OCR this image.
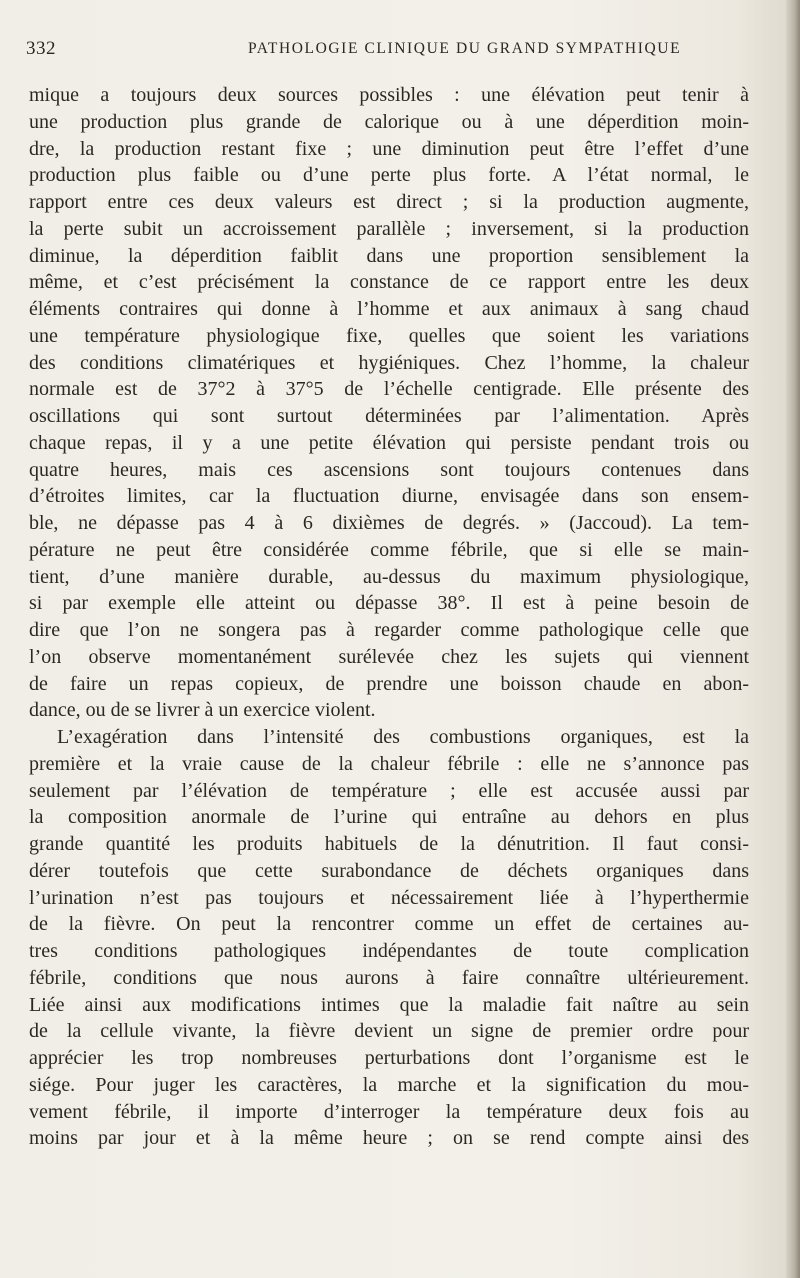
332	PATHOLOGIE CLINIQUE DU GRAND SYMPATHIQUE
mique a toujours deux sources possibles : une élévation peut tenir à
une production plus grande de calorique ou à une déperdition moin-
dre, la production restant fixe ; une diminution peut être l’effet d’une
production plus faible ou d’une perte plus forte. A l’état normal, le
rapport entre ces deux valeurs est direct ; si la production augmente,
la perte subit un accroissement parallèle ; inversement, si la production
diminue, la déperdition faiblit dans une proportion sensiblement la
même, et c’est précisément la constance de ce rapport entre les deux
éléments contraires qui donne à l’homme et aux animaux à sang chaud
une température physiologique fixe, quelles que soient les variations
des conditions climatériques et hygiéniques. Chez l’homme, la chaleur
normale est de 37°2 à 37°5 de l’échelle centigrade. Elle présente des
oscillations qui sont surtout déterminées par l’alimentation. Après
chaque repas, il y a une petite élévation qui persiste pendant trois ou
quatre heures, mais ces ascensions sont toujours contenues dans
d’étroites limites, car la fluctuation diurne, envisagée dans son ensem-
ble, ne dépasse pas 4 à 6 dixièmes de degrés. » (Jaccoud). La tem-
pérature ne peut être considérée comme fébrile, que si elle se main-
tient, d’une manière durable, au-dessus du maximum physiologique,
si par exemple elle atteint ou dépasse 38°. Il est à peine besoin de
dire que l’on ne songera pas à regarder comme pathologique celle que
l’on observe momentanément surélevée chez les sujets qui viennent
de faire un repas copieux, de prendre une boisson chaude en abon-
dance, ou de se livrer à un exercice violent.
L’exagération dans l’intensité des combustions organiques, est la
première et la vraie cause de la chaleur fébrile : elle ne s’annonce pas
seulement par l’élévation de température ; elle est accusée aussi par
la composition anormale de l’urine qui entraîne au dehors en plus
grande quantité les produits habituels de la dénutrition. Il faut consi-
dérer toutefois que cette surabondance de déchets organiques dans
l’urination n’est pas toujours et nécessairement liée à l’hyperthermie
de la fièvre. On peut la rencontrer comme un effet de certaines au-
tres conditions pathologiques indépendantes de toute complication
fébrile, conditions que nous aurons à faire connaître ultérieurement.
Liée ainsi aux modifications intimes que la maladie fait naître au sein
de la cellule vivante, la fièvre devient un signe de premier ordre pour
apprécier les trop nombreuses perturbations dont l’organisme est le
siége. Pour juger les caractères, la marche et la signification du mou-
vement fébrile, il importe d’interroger la température deux fois au
moins par jour et à la même heure ; on se rend compte ainsi des
